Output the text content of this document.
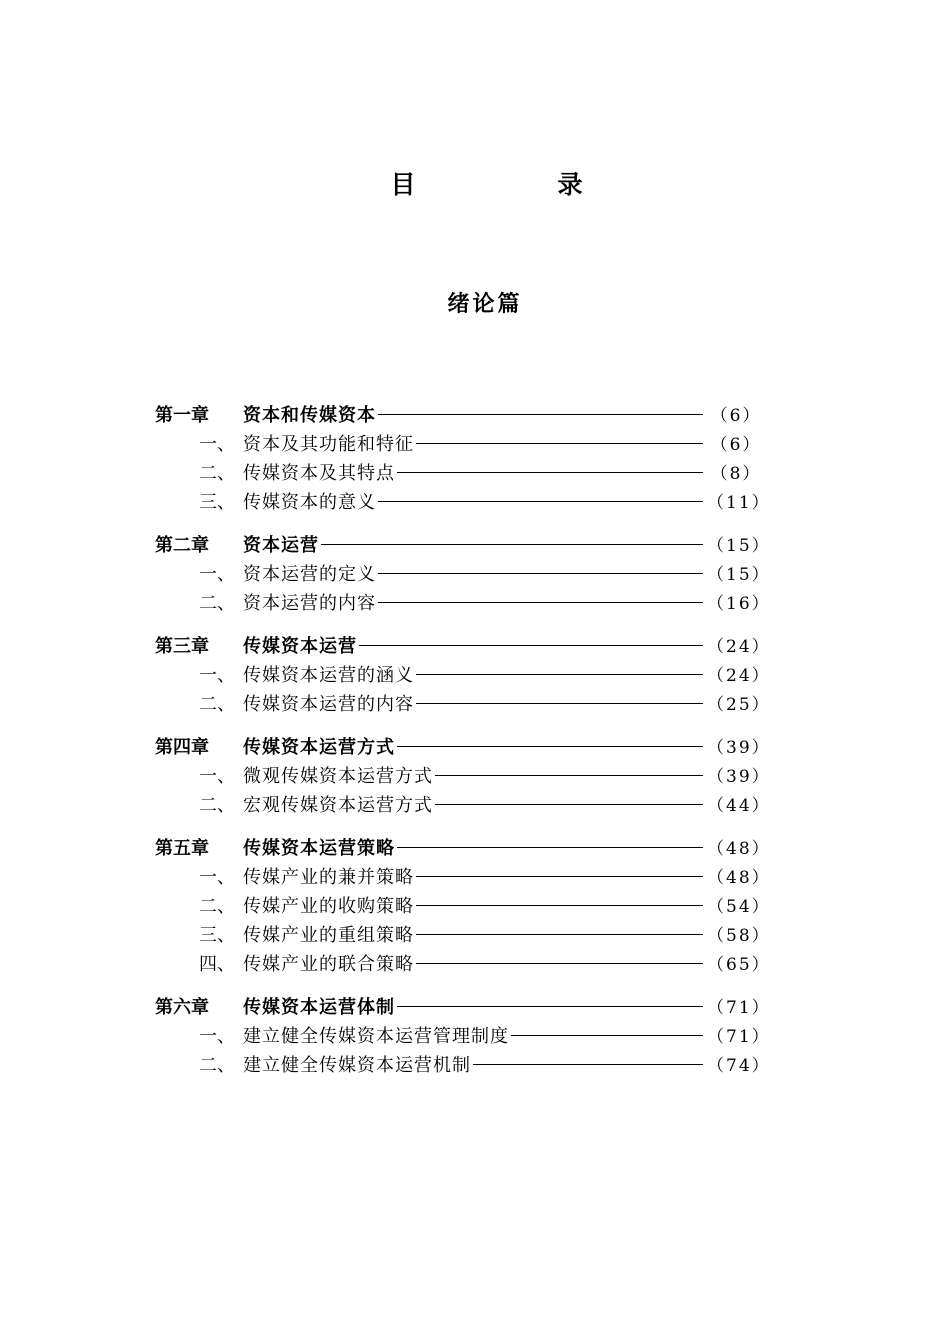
目   录
绪论篇
第一章	资本和传媒资本	（6）
一、 资本及其功能和特征	（6）
二、 传媒资本及其特点	（8）
三、 传媒资本的意义	（11）
第二章	资本运营	（15）
一、 资本运营的定义	（15）
二、 资本运营的内容	（16）
第三章	传媒资本运营	（24）
一、 传媒资本运营的涵义	（24）
二、 传媒资本运营的内容	（25）
第四章	传媒资本运营方式	（39）
一、 微观传媒资本运营方式	（39）
二、 宏观传媒资本运营方式	（44）
第五章	传媒资本运营策略	（48）
一、 传媒产业的兼并策略	（48）
二、 传媒产业的收购策略	（54）
三、 传媒产业的重组策略	（58）
四、 传媒产业的联合策略	（65）
第六章	传媒资本运营体制	（71）
一、 建立健全传媒资本运营管理制度	（71）
二、 建立健全传媒资本运营机制	（74）
